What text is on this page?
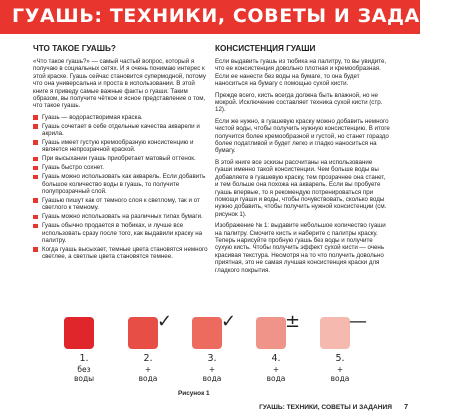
ГУАШЬ: ТЕХНИКИ, СОВЕТЫ И ЗАДАНИЯ
ЧТО ТАКОЕ ГУАШЬ?

«Что такое гуашь?» — самый частый вопрос, который я получаю в социальных сетях. И я очень понимаю интерес к этой краске. Гуашь сейчас становится супермодной, потому что она универсальна и проста в использовании. В этой книге я приведу самые важные факты о гуаши. Таким образом, вы получите чёткое и ясное представление о том, что такое гуашь.

Гуашь — водорастворимая краска.
Гуашь сочетает в себе отдельные качества акварели и акрила.
Гуашь имеет густую кремообразную консистенцию и является непрозрачной краской.
При высыхании гуашь приобретает матовый оттенок.
Гуашь быстро сохнет.
Гуашь можно использовать как акварель. Если добавить большое количество воды в гуашь, то получите полупрозрачный слой.
Гуашью пишут как от темного слоя к светлому, так и от светлого к темному.
Гуашь можно использовать на различных типах бумаги.
Гуашь обычно продается в тюбиках, и лучше все использовать сразу после того, как выдавили краску на палитру.
Когда гуашь высыхает, темные цвета становятся немного светлее, а светлые цвета становятся темнее.
КОНСИСТЕНЦИЯ ГУАШИ

Если выдавить гуашь из тюбика на палитру, то вы увидите, что ее консистенция довольно плотная и кремообразная. Если ее нанести без воды на бумаге, то она будет наноситься на бумагу с помощью сухой кисти.

Прежде всего, кисть всегда должна быть влажной, но не мокрой. Исключение составляет техника сухой кисти (стр. 12).

Если же нужно, в гуашевую краску можно добавить немного чистой воды, чтобы получить нужную консистенцию. В итоге получится более кремообразной и густой, но станет гораздо более податливой и будет легко и гладко наноситься на бумагу.

В этой книге все эскизы рассчитаны на использование гуаши именно такой консистенции. Чем больше воды вы добавляете в гуашевую краску, тем прозрачнее она станет, и тем больше она похожа на акварель. Если вы пробуете гуашь впервые, то я рекомендую потренироваться при помощи гуаши и воды, чтобы почувствовать, сколько воды нужно добавить, чтобы получить нужной консистенции (см. рисунок 1).

Изображение № 1: выдавите небольшое количество гуаши на палитру. Смочите кисть и наберите с палитры краску. Теперь нарисуйте пробную гуашь без воды и получите сухую кисть. Чтобы получить эффект сухой кисти — очень красивая текстура. Несмотря на то что получить довольно приятная, это не самая лучшая консистенция краски для гладкого покрытия.

1.
без
воды
✓
2.
+
вода
✓
3.
+
вода
±
4.
+
вода
—
5.
+
вода

Рисунок 1

ГУАШЬ: ТЕХНИКИ, СОВЕТЫ И ЗАДАНИЯ 7
